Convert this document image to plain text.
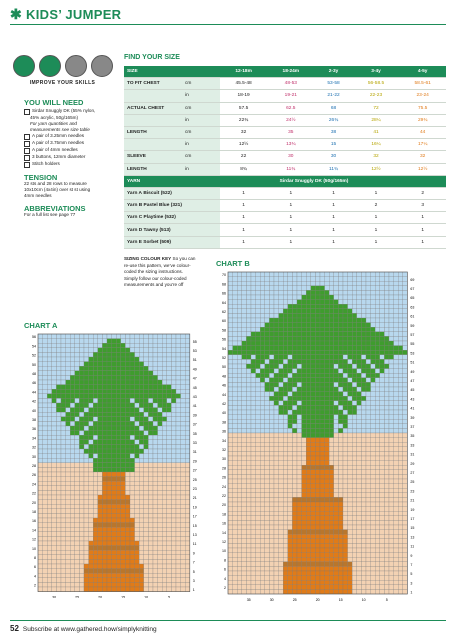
✱ KIDS’ JUMPER
IMPROVE YOUR SKILLS
YOU WILL NEED
Sirdar Snuggly DK (55% nylon,
45% acrylic, 50g/165m)
For yarn quantities and
measurements see size table
A pair of 3.25mm needles
A pair of 3.75mm needles
A pair of 4mm needles
3 buttons, 12mm diameter
Stitch holders
TENSION
22 sts and 28 rows to measure
10x10cm (4x4in) over st st using
4mm needles
ABBREVIATIONS
For a full list see page 77
FIND YOUR SIZE
SIZE		12-18m	18-24m	2-3y	3-4y	4-5y
TO FIT CHEST	cm	45.5-48	48-53	53-58	56-58.5	58.5-61
	in	18-19	19-21	21-22	22-23	23-24
ACTUAL CHEST	cm	57.5	62.5	68	72	75.5
	in	22¾	24½	26¾	28¼	29¾
LENGTH	cm	32	35	38	41	44
	in	12½	13¾	15	16¼	17¼
SLEEVE	cm	22	30	30	32	32
LENGTH	in	8¾	11¾	11¾	12½	12½
YARN	Sirdar Snuggly DK (50g/165m)					
Yarn A Biscuit (522)		1	1	1	1	2
Yarn B Pastel Blue (321)		1	1	1	2	3
Yarn C Playtime (532)		1	1	1	1	1
Yarn D Tawny (513)		1	1	1	1	1
Yarn E Sorbet (509)		1	1	1	1	1
SIZING COLOUR KEY So you can re-use this pattern, we’ve colour-coded the sizing instructions. Simply follow our colour-coded measurements and you’re off
CHART A
CHART B
56
54
52
50
48
46
44
42
40
38
36
34
32
30
28
26
24
22
20
18
16
14
12
10
8
6
4
2
55
53
51
49
47
45
43
41
39
37
35
33
31
29
27
25
23
21
19
17
15
13
11
9
7
5
3
1
30	25	20	15	10	5
70
68
66
64
62
60
58
56
54
52
50
48
46
44
42
40
38
36
34
32
30
28
26
24
22
20
18
16
14
12
10
8
6
4
2
69
67
65
63
61
59
57
55
53
51
49
47
45
43
41
39
37
35
33
31
29
27
25
23
21
19
17
15
13
11
9
7
5
3
1
35	30	25	20	15	10	5
52 Subscribe at www.gathered.how/simplyknitting
